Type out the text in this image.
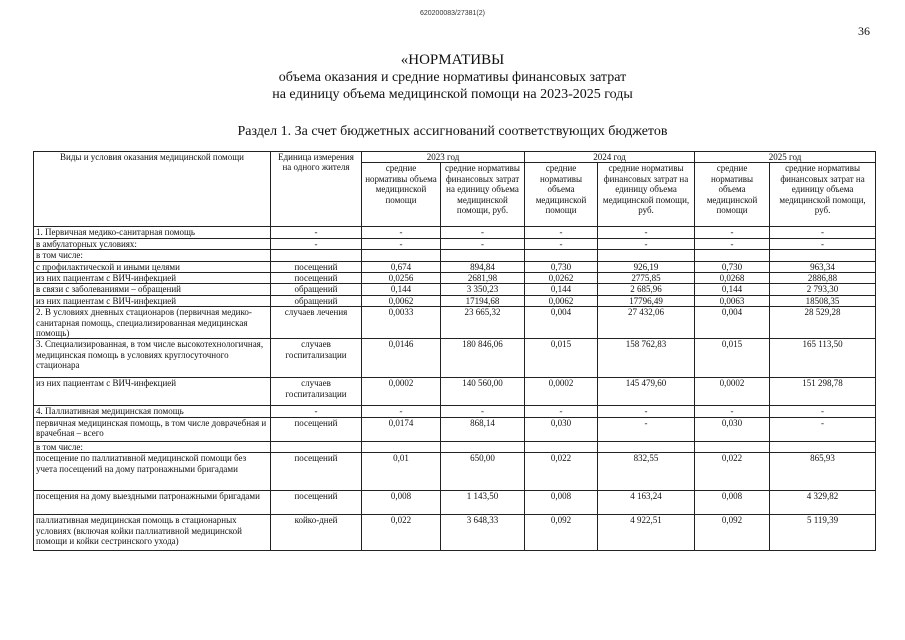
620200083/27381(2)
36
«НОРМАТИВЫ
объема оказания и средние нормативы финансовых затрат
на единицу объема медицинской помощи на 2023-2025 годы
Раздел 1. За счет бюджетных ассигнований соответствующих бюджетов
Виды и условия оказания медицинской помощи	Единица измерения на одного жителя	2023 год		2024 год		2025 год	
		средние нормативы объема медицинской помощи	средние нормативы финансовых затрат на единицу объема медицинской помощи, руб.	средние нормативы объема медицинской помощи	средние нормативы финансовых затрат на единицу объема медицинской помощи, руб.	средние нормативы объема медицинской помощи	средние нормативы финансовых затрат на единицу объема медицинской помощи, руб.
1. Первичная медико-санитарная помощь	-	-	-	-	-	-	-
в амбулаторных условиях:	-	-	-	-	-	-	-
в том числе:							
с профилактической и иными целями	посещений	0,674	894,84	0,730	926,19	0,730	963,34
из них пациентам с ВИЧ-инфекцией	посещений	0,0256	2681,98	0,0262	2775,85	0,0268	2886,88
в связи с заболеваниями – обращений	обращений	0,144	3 350,23	0,144	2 685,96	0,144	2 793,30
из них пациентам с ВИЧ-инфекцией	обращений	0,0062	17194,68	0,0062	17796,49	0,0063	18508,35
2. В условиях дневных стационаров (первичная медико-санитарная помощь, специализированная медицинская помощь)	случаев лечения	0,0033	23 665,32	0,004	27 432,06	0,004	28 529,28
3. Специализированная, в том числе высокотехнологичная, медицинская помощь в условиях круглосуточного стационара	случаев госпитализации	0,0146	180 846,06	0,015	158 762,83	0,015	165 113,50
из них пациентам с ВИЧ-инфекцией	случаев госпитализации	0,0002	140 560,00	0,0002	145 479,60	0,0002	151 298,78
4. Паллиативная медицинская помощь	-	-	-	-	-	-	-
первичная медицинская помощь, в том числе доврачебная и врачебная – всего	посещений	0,0174	868,14	0,030	-	0,030	-
в том числе:							
посещение по паллиативной медицинской помощи без учета посещений на дому патронажными бригадами	посещений	0,01	650,00	0,022	832,55	0,022	865,93
посещения на дому выездными патронажными бригадами	посещений	0,008	1 143,50	0,008	4 163,24	0,008	4 329,82
паллиативная медицинская помощь в стационарных условиях (включая койки паллиативной медицинской помощи и койки сестринского ухода)	койко-дней	0,022	3 648,33	0,092	4 922,51	0,092	5 119,39
